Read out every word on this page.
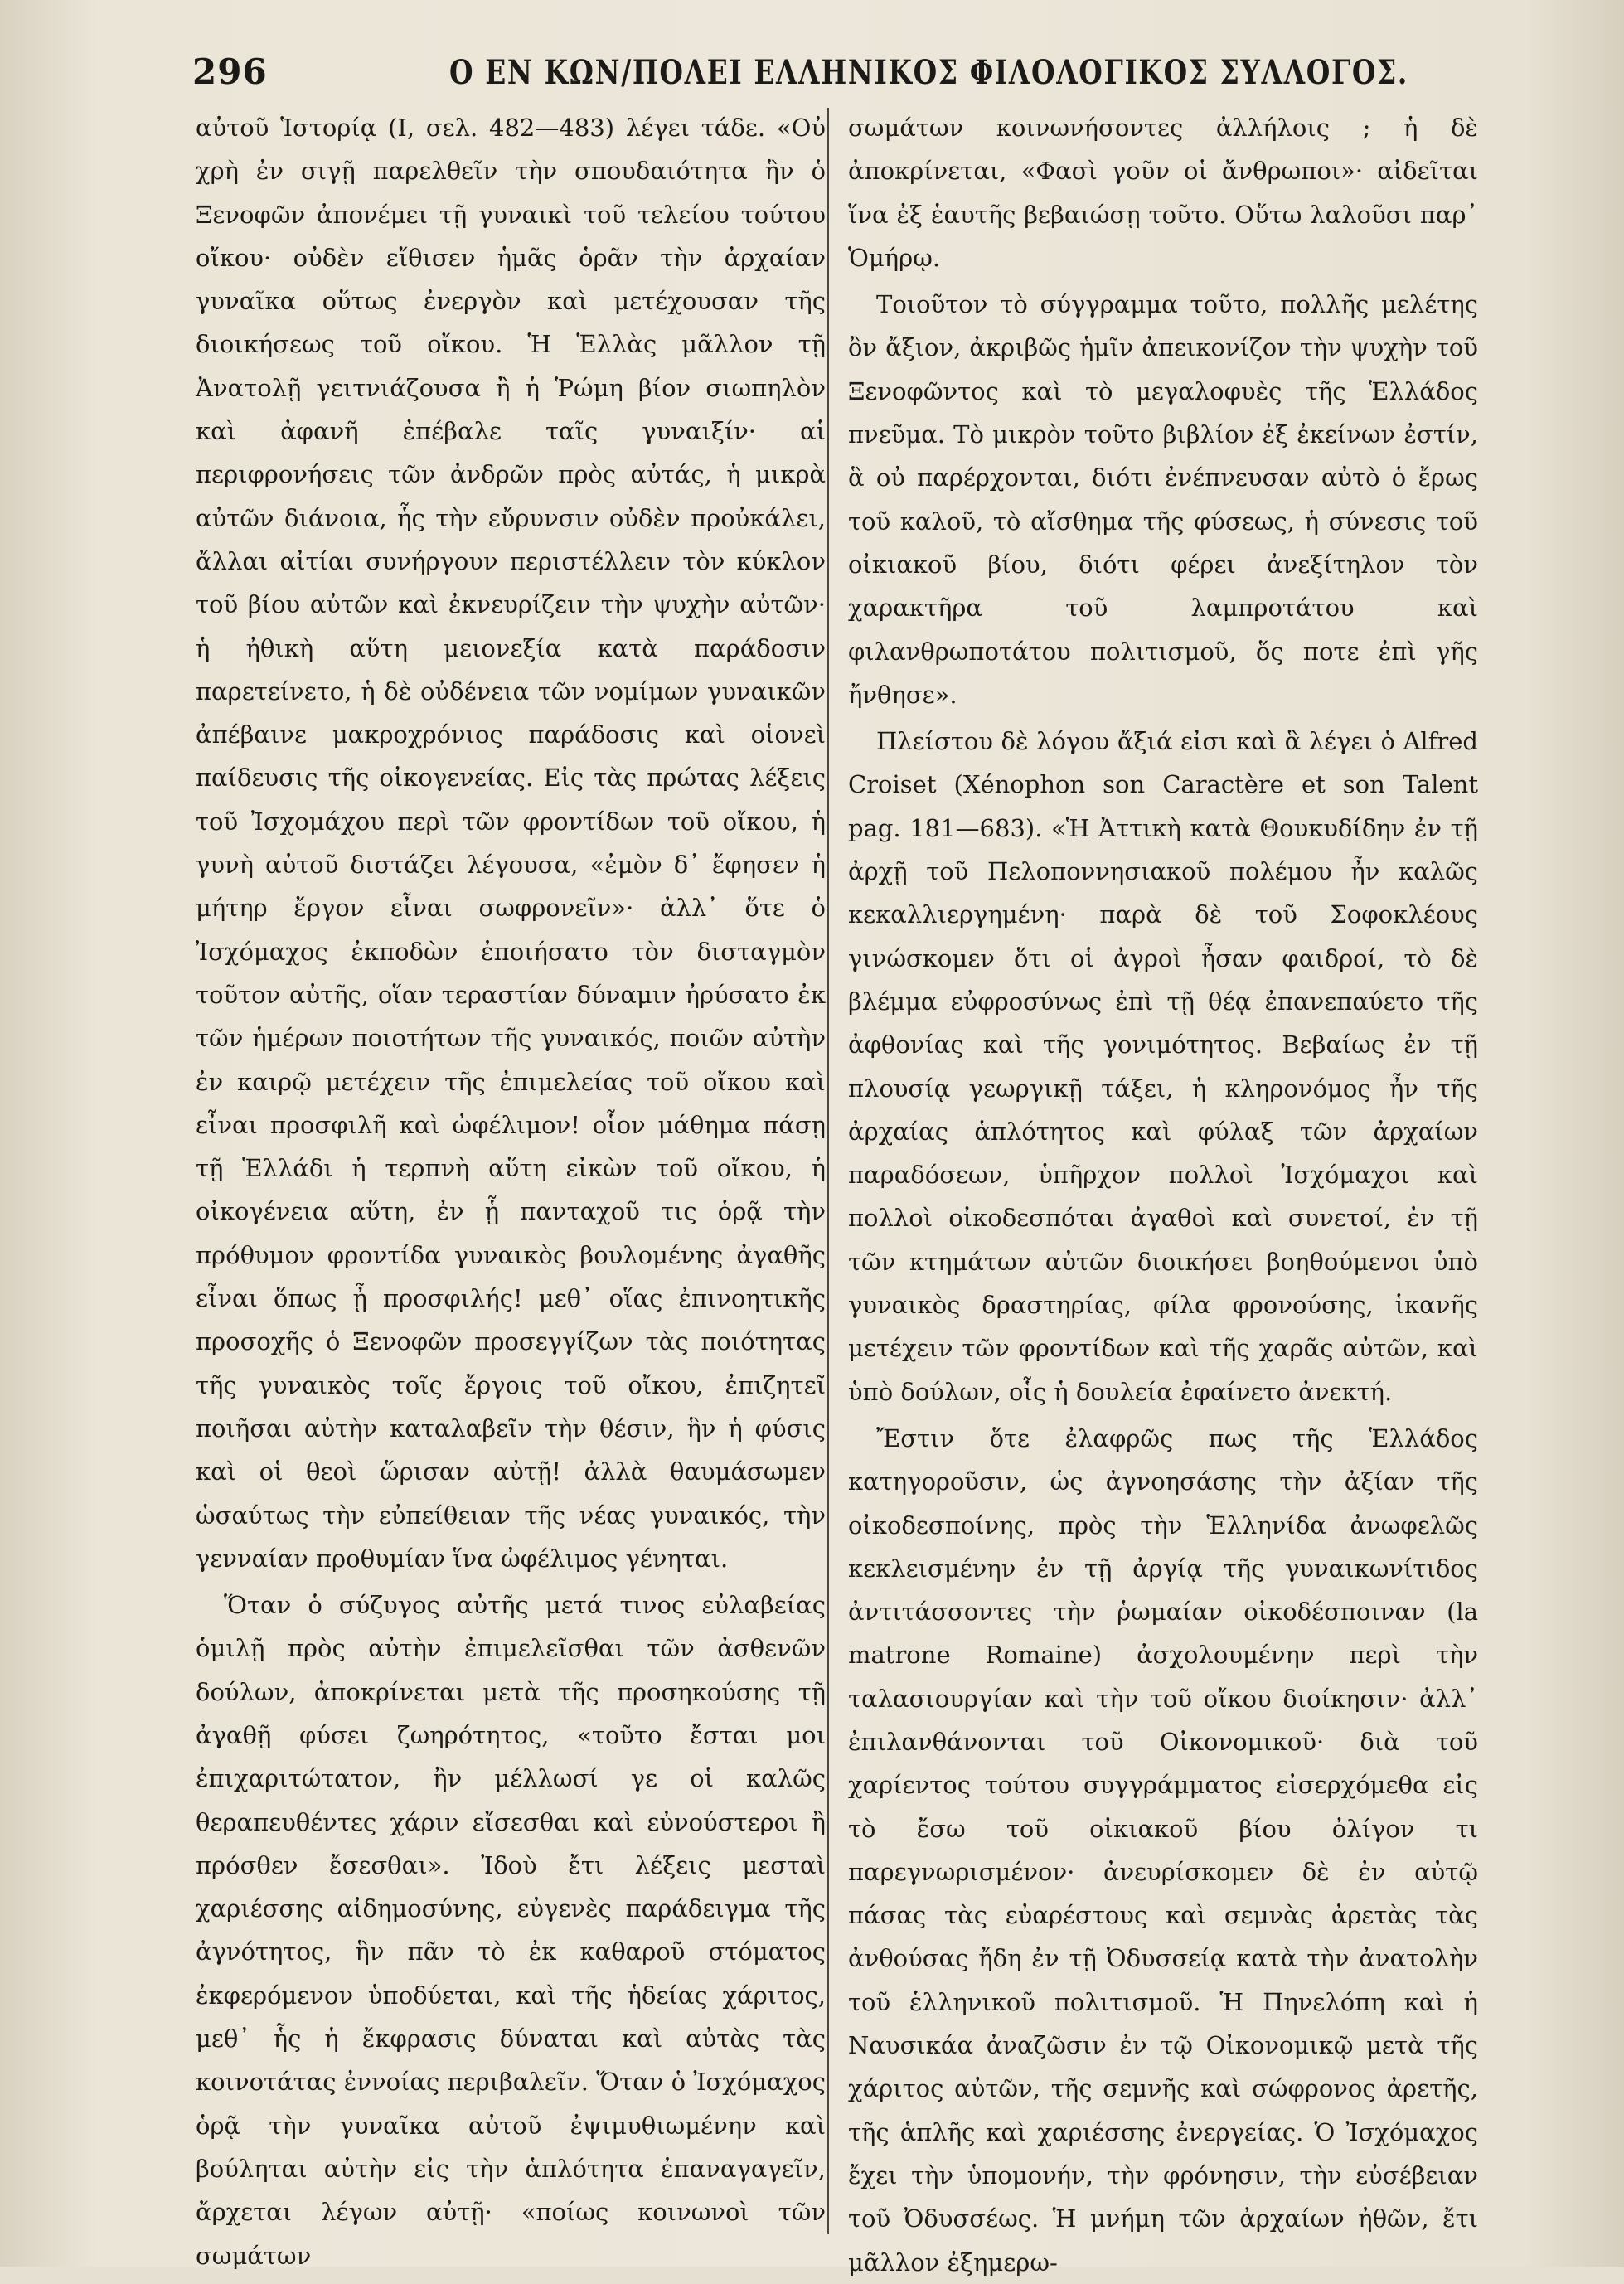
296	Ο ΕΝ ΚΩΝ/ΠΟΛΕΙ ΕΛΛΗΝΙΚΟΣ ΦΙΛΟΛΟΓΙΚΟΣ ΣΥΛΛΟΓΟΣ.

αὐτοῦ Ἱστορίᾳ (Ι, σελ. 482—483) λέγει τάδε. «Οὐ χρὴ ἐν σιγῇ παρελθεῖν τὴν σπουδαιότητα ἣν ὁ Ξενοφῶν ἀπονέμει τῇ γυναικὶ τοῦ τελείου τούτου οἴκου· οὐδὲν εἴθισεν ἡμᾶς ὁρᾶν τὴν ἀρχαίαν γυναῖκα οὕτως ἐνεργὸν καὶ μετέχουσαν τῆς διοικήσεως τοῦ οἴκου. Ἡ Ἑλλὰς μᾶλλον τῇ Ἀνατολῇ γειτνιάζουσα ἢ ἡ Ῥώμη βίον σιωπηλὸν καὶ ἀφανῆ ἐπέβαλε ταῖς γυναιξίν· αἱ περιφρονήσεις τῶν ἀνδρῶν πρὸς αὐτάς, ἡ μικρὰ αὐτῶν διάνοια, ἧς τὴν εὔρυνσιν οὐδὲν προὐκάλει, ἄλλαι αἰτίαι συνήργουν περιστέλλειν τὸν κύκλον τοῦ βίου αὐτῶν καὶ ἐκνευρίζειν τὴν ψυχὴν αὐτῶν· ἡ ἠθικὴ αὕτη μειονεξία κατὰ παράδοσιν παρετείνετο, ἡ δὲ οὐδένεια τῶν νομίμων γυναικῶν ἀπέβαινε μακροχρόνιος παράδοσις καὶ οἱονεὶ παίδευσις τῆς οἰκογενείας. Εἰς τὰς πρώτας λέξεις τοῦ Ἰσχομάχου περὶ τῶν φροντίδων τοῦ οἴκου, ἡ γυνὴ αὐτοῦ διστάζει λέγουσα, «ἐμὸν δ᾿ ἔφησεν ἡ μήτηρ ἔργον εἶναι σωφρονεῖν»· ἀλλ᾿ ὅτε ὁ Ἰσχόμαχος ἐκποδὼν ἐποιήσατο τὸν δισταγμὸν τοῦτον αὐτῆς, οἵαν τεραστίαν δύναμιν ἠρύσατο ἐκ τῶν ἡμέρων ποιοτήτων τῆς γυναικός, ποιῶν αὐτὴν ἐν καιρῷ μετέχειν τῆς ἐπιμελείας τοῦ οἴκου καὶ εἶναι προσφιλῆ καὶ ὠφέλιμον! οἷον μάθημα πάσῃ τῇ Ἑλλάδι ἡ τερπνὴ αὕτη εἰκὼν τοῦ οἴκου, ἡ οἰκογένεια αὕτη, ἐν ᾗ πανταχοῦ τις ὁρᾷ τὴν πρόθυμον φροντίδα γυναικὸς βουλομένης ἀγαθῆς εἶναι ὅπως ᾖ προσφιλής! μεθ᾿ οἵας ἐπινοητικῆς προσοχῆς ὁ Ξενοφῶν προσεγγίζων τὰς ποιότητας τῆς γυναικὸς τοῖς ἔργοις τοῦ οἴκου, ἐπιζητεῖ ποιῆσαι αὐτὴν καταλαβεῖν τὴν θέσιν, ἣν ἡ φύσις καὶ οἱ θεοὶ ὥρισαν αὐτῇ! ἀλλὰ θαυμάσωμεν ὡσαύτως τὴν εὐπείθειαν τῆς νέας γυναικός, τὴν γενναίαν προθυμίαν ἵνα ὠφέλιμος γένηται.

Ὅταν ὁ σύζυγος αὐτῆς μετά τινος εὐλαβείας ὁμιλῇ πρὸς αὐτὴν ἐπιμελεῖσθαι τῶν ἀσθενῶν δούλων, ἀποκρίνεται μετὰ τῆς προσηκούσης τῇ ἀγαθῇ φύσει ζωηρότητος, «τοῦτο ἔσται μοι ἐπιχαριτώτατον, ἢν μέλλωσί γε οἱ καλῶς θεραπευθέντες χάριν εἴσεσθαι καὶ εὐνούστεροι ἢ πρόσθεν ἔσεσθαι». Ἰδοὺ ἔτι λέξεις μεσταὶ χαριέσσης αἰδημοσύνης, εὐγενὲς παράδειγμα τῆς ἀγνότητος, ἣν πᾶν τὸ ἐκ καθαροῦ στόματος ἐκφερόμενον ὑποδύεται, καὶ τῆς ἡδείας χάριτος, μεθ᾿ ἧς ἡ ἔκφρασις δύναται καὶ αὐτὰς τὰς κοινοτάτας ἐννοίας περιβαλεῖν. Ὅταν ὁ Ἰσχόμαχος ὁρᾷ τὴν γυναῖκα αὐτοῦ ἐψιμυθιωμένην καὶ βούληται αὐτὴν εἰς τὴν ἁπλότητα ἐπαναγαγεῖν, ἄρχεται λέγων αὐτῇ· «ποίως κοινωνοὶ τῶν σωμάτων

σωμάτων κοινωνήσοντες ἀλλήλοις ; ἡ δὲ ἀποκρίνεται, «Φασὶ γοῦν οἱ ἄνθρωποι»· αἰδεῖται ἵνα ἐξ ἑαυτῆς βεβαιώσῃ τοῦτο. Οὕτω λαλοῦσι παρ᾿ Ὁμήρῳ.

Τοιοῦτον τὸ σύγγραμμα τοῦτο, πολλῆς μελέτης ὂν ἄξιον, ἀκριβῶς ἡμῖν ἀπεικονίζον τὴν ψυχὴν τοῦ Ξενοφῶντος καὶ τὸ μεγαλοφυὲς τῆς Ἑλλάδος πνεῦμα. Τὸ μικρὸν τοῦτο βιβλίον ἐξ ἐκείνων ἐστίν, ἃ οὐ παρέρχονται, διότι ἐνέπνευσαν αὐτὸ ὁ ἔρως τοῦ καλοῦ, τὸ αἴσθημα τῆς φύσεως, ἡ σύνεσις τοῦ οἰκιακοῦ βίου, διότι φέρει ἀνεξίτηλον τὸν χαρακτῆρα τοῦ λαμπροτάτου καὶ φιλανθρωποτάτου πολιτισμοῦ, ὅς ποτε ἐπὶ γῆς ἤνθησε».

Πλείστου δὲ λόγου ἄξιά εἰσι καὶ ἃ λέγει ὁ Alfred Croiset (Xénophon son Caractère et son Talent pag. 181—683). «Ἡ Ἀττικὴ κατὰ Θουκυδίδην ἐν τῇ ἀρχῇ τοῦ Πελοποννησιακοῦ πολέμου ἦν καλῶς κεκαλλιεργημένη· παρὰ δὲ τοῦ Σοφοκλέους γινώσκομεν ὅτι οἱ ἀγροὶ ἦσαν φαιδροί, τὸ δὲ βλέμμα εὐφροσύνως ἐπὶ τῇ θέᾳ ἐπανεπαύετο τῆς ἀφθονίας καὶ τῆς γονιμότητος. Βεβαίως ἐν τῇ πλουσίᾳ γεωργικῇ τάξει, ἡ κληρονόμος ἦν τῆς ἀρχαίας ἁπλότητος καὶ φύλαξ τῶν ἀρχαίων παραδόσεων, ὑπῆρχον πολλοὶ Ἰσχόμαχοι καὶ πολλοὶ οἰκοδεσπόται ἀγαθοὶ καὶ συνετοί, ἐν τῇ τῶν κτημάτων αὐτῶν διοικήσει βοηθούμενοι ὑπὸ γυναικὸς δραστηρίας, φίλα φρονούσης, ἱκανῆς μετέχειν τῶν φροντίδων καὶ τῆς χαρᾶς αὐτῶν, καὶ ὑπὸ δούλων, οἷς ἡ δουλεία ἐφαίνετο ἀνεκτή.

Ἔστιν ὅτε ἐλαφρῶς πως τῆς Ἑλλάδος κατηγοροῦσιν, ὡς ἀγνοησάσης τὴν ἀξίαν τῆς οἰκοδεσποίνης, πρὸς τὴν Ἑλληνίδα ἀνωφελῶς κεκλεισμένην ἐν τῇ ἀργίᾳ τῆς γυναικωνίτιδος ἀντιτάσσοντες τὴν ῥωμαίαν οἰκοδέσποιναν (la matrone Romaine) ἀσχολουμένην περὶ τὴν ταλασιουργίαν καὶ τὴν τοῦ οἴκου διοίκησιν· ἀλλ᾿ ἐπιλανθάνονται τοῦ Οἰκονομικοῦ· διὰ τοῦ χαρίεντος τούτου συγγράμματος εἰσερχόμεθα εἰς τὸ ἔσω τοῦ οἰκιακοῦ βίου ὀλίγον τι παρεγνωρισμένον· ἀνευρίσκομεν δὲ ἐν αὐτῷ πάσας τὰς εὐαρέστους καὶ σεμνὰς ἀρετὰς τὰς ἀνθούσας ἤδη ἐν τῇ Ὀδυσσείᾳ κατὰ τὴν ἀνατολὴν τοῦ ἑλληνικοῦ πολιτισμοῦ. Ἡ Πηνελόπη καὶ ἡ Ναυσικάα ἀναζῶσιν ἐν τῷ Οἰκονομικῷ μετὰ τῆς χάριτος αὐτῶν, τῆς σεμνῆς καὶ σώφρονος ἀρετῆς, τῆς ἁπλῆς καὶ χαριέσσης ἐνεργείας. Ὁ Ἰσχόμαχος ἔχει τὴν ὑπομονήν, τὴν φρόνησιν, τὴν εὐσέβειαν τοῦ Ὀδυσσέως. Ἡ μνήμη τῶν ἀρχαίων ἠθῶν, ἔτι μᾶλλον ἐξημερω-
